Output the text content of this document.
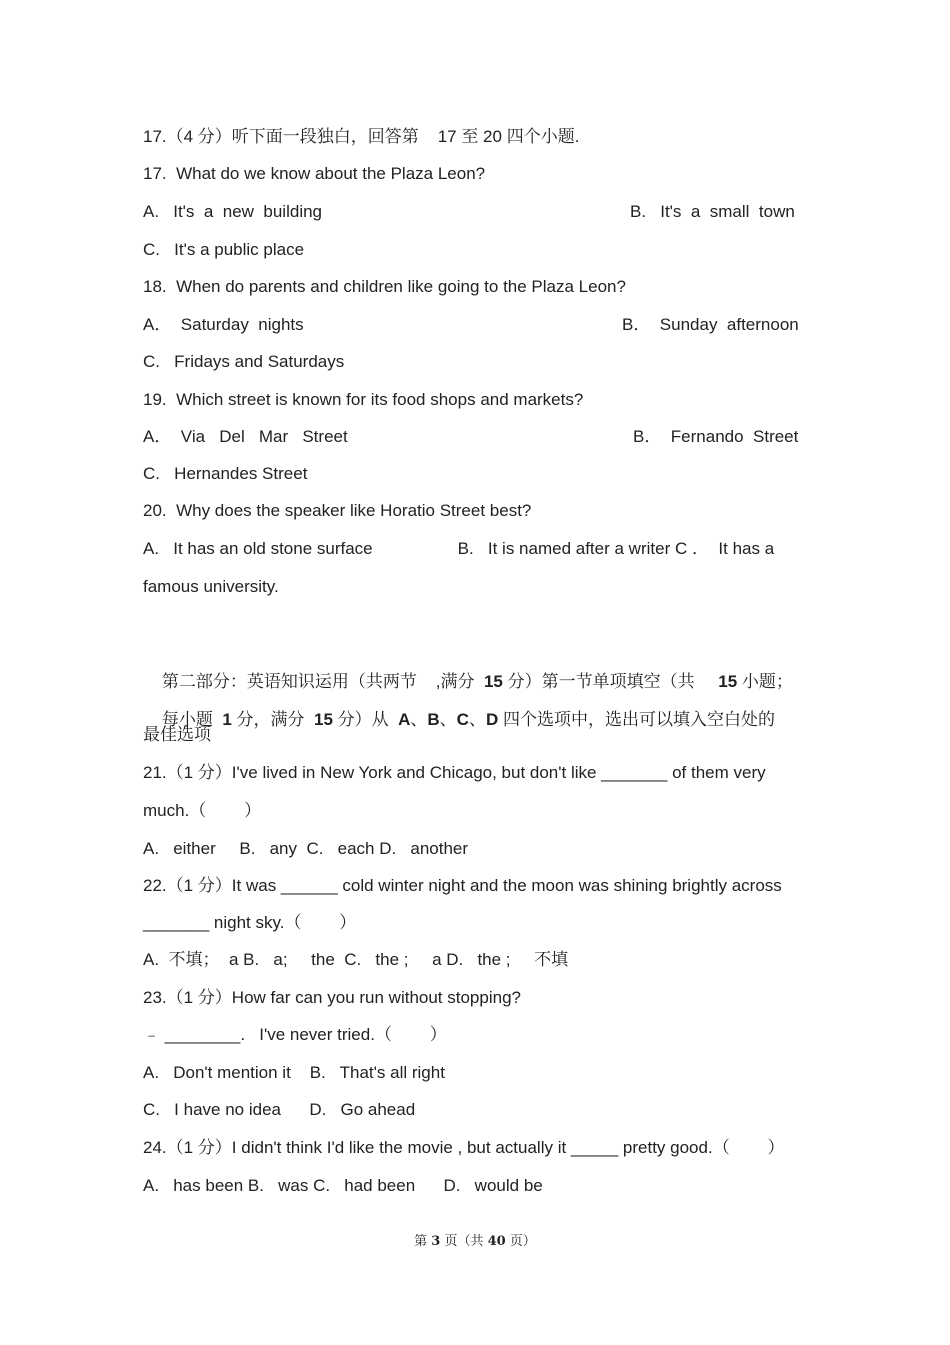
17.（4 分）听下面一段独白，回答第    17 至 20 四个小题.
17.  What do we know about the Plaza Leon?
A.   It's  a  new  building	B.   It's  a  small  town
C.   It's a public place
18.  When do parents and children like going to the Plaza Leon?
A．  Saturday  nights	B．  Sunday  afternoon
C.   Fridays and Saturdays
19.  Which street is known for its food shops and markets?
A．  Via   Del   Mar   Street	B．  Fernando  Street
C.   Hernandes Street
20.  Why does the speaker like Horatio Street best?
A.   It has an old stone surface                  B.   It is named after a writer C ．  It has a
famous university.

第二部分：英语知识运用（共两节    ,满分  15 分）第一节单项填空（共     15 小题；

每小题  1 分，满分  15 分）从  A、B、C、D 四个选项中，选出可以填入空白处的

最佳选项
21.（1 分）I've lived in New York and Chicago, but don't like _______ of them very
much.（        ）
A.   either     B.   any  C.   each D.   another
22.（1 分）It was ______ cold winter night and the moon was shining brightly across
_______ night sky.（        ）
A.  不填；  a B.   a;     the  C.   the ;     a D.   the ;     不填
23.（1 分）How far can you run without stopping?
﹣ ________.   I've never tried.（        ）
A.   Don't mention it    B.   That's all right
C.   I have no idea      D.   Go ahead
24.（1 分）I didn't think I'd like the movie , but actually it _____ pretty good.（        ）
A.   has been B.   was C.   had been      D.   would be
第 3 页（共 40 页）
